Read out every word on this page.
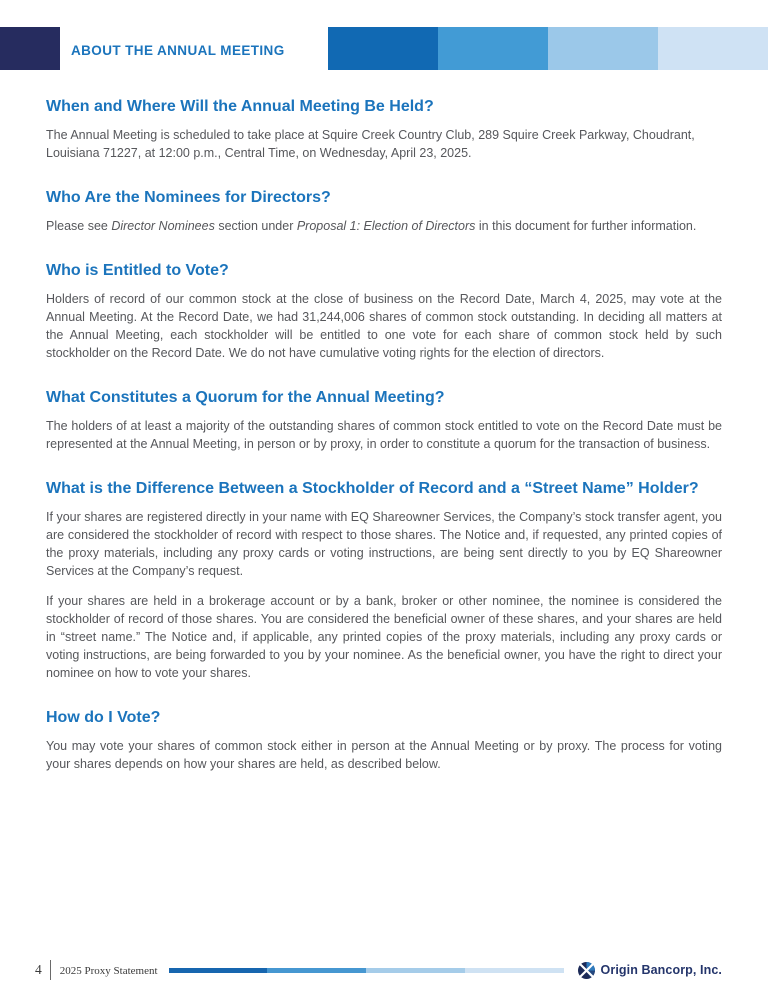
ABOUT THE ANNUAL MEETING
When and Where Will the Annual Meeting Be Held?

The Annual Meeting is scheduled to take place at Squire Creek Country Club, 289 Squire Creek Parkway, Choudrant, Louisiana 71227, at 12:00 p.m., Central Time, on Wednesday, April 23, 2025.

Who Are the Nominees for Directors?

Please see Director Nominees section under Proposal 1: Election of Directors in this document for further information.

Who is Entitled to Vote?

Holders of record of our common stock at the close of business on the Record Date, March 4, 2025, may vote at the Annual Meeting. At the Record Date, we had 31,244,006 shares of common stock outstanding. In deciding all matters at the Annual Meeting, each stockholder will be entitled to one vote for each share of common stock held by such stockholder on the Record Date. We do not have cumulative voting rights for the election of directors.

What Constitutes a Quorum for the Annual Meeting?

The holders of at least a majority of the outstanding shares of common stock entitled to vote on the Record Date must be represented at the Annual Meeting, in person or by proxy, in order to constitute a quorum for the transaction of business.

What is the Difference Between a Stockholder of Record and a “Street Name” Holder?

If your shares are registered directly in your name with EQ Shareowner Services, the Company’s stock transfer agent, you are considered the stockholder of record with respect to those shares. The Notice and, if requested, any printed copies of the proxy materials, including any proxy cards or voting instructions, are being sent directly to you by EQ Shareowner Services at the Company’s request.

If your shares are held in a brokerage account or by a bank, broker or other nominee, the nominee is considered the stockholder of record of those shares. You are considered the beneficial owner of these shares, and your shares are held in “street name.” The Notice and, if applicable, any printed copies of the proxy materials, including any proxy cards or voting instructions, are being forwarded to you by your nominee. As the beneficial owner, you have the right to direct your nominee on how to vote your shares.

How do I Vote?

You may vote your shares of common stock either in person at the Annual Meeting or by proxy. The process for voting your shares depends on how your shares are held, as described below.

4 2025 Proxy Statement	Origin Bancorp, Inc.
